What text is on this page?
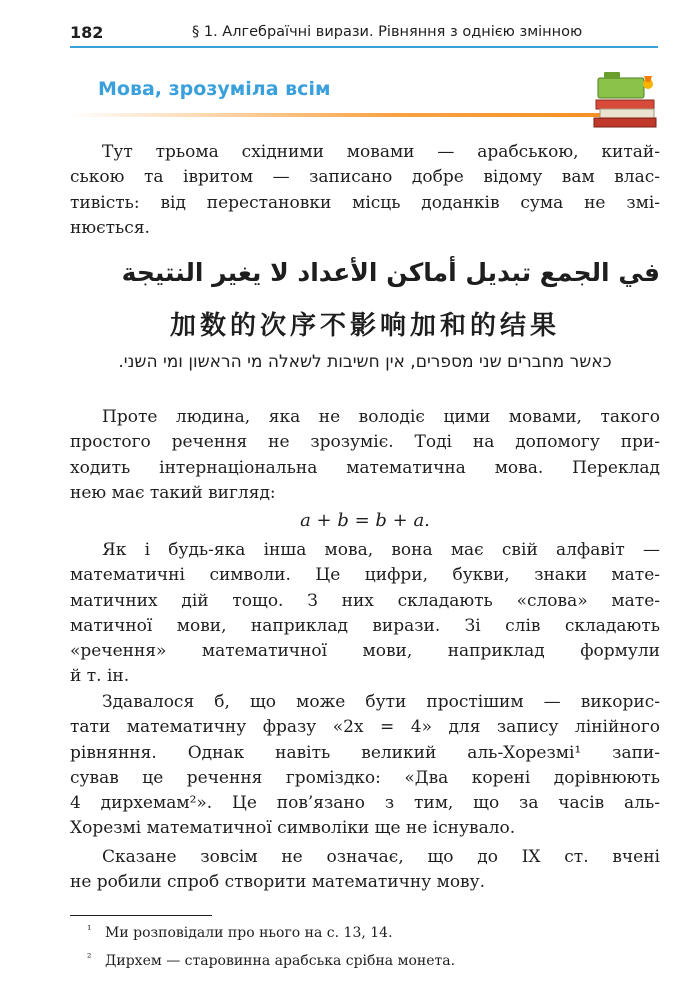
182	§ 1. Алгебраїчні вирази. Рівняння з однією змінною
Мова, зрозуміла всім
Тут трьома східними мовами — арабською, китай-
ською та івритом — записано добре відому вам влас-
тивість: від перестановки місць доданків сума не змі-
нюється.
في الجمع تبديل أماكن الأعداد لا يغير النتيجة
加数的次序不影响加和的结果
כאשר מחברים שני מספרים, אין חשיבות לשאלה מי הראשון ומי השני.
Проте людина, яка не володіє цими мовами, такого
простого речення не зрозуміє. Тоді на допомогу при-
ходить інтернаціональна математична мова. Переклад
нею має такий вигляд:
a + b = b + a.
Як і будь-яка інша мова, вона має свій алфавіт —
математичні символи. Це цифри, букви, знаки мате-
матичних дій тощо. З них складають «слова» мате-
матичної мови, наприклад вирази. Зі слів складають
«речення» математичної мови, наприклад формули
й т. ін.
Здавалося б, що може бути простішим — викорис-
тати математичну фразу «2x = 4» для запису лінійного
рівняння. Однак навіть великий аль-Хорезмі¹ запи-
сував це речення громіздко: «Два корені дорівнюють
4 дирхемам²». Це пов’язано з тим, що за часів аль-
Хорезмі математичної символіки ще не існувало.
Сказане зовсім не означає, що до IX ст. вчені
не робили спроб створити математичну мову.
¹ Ми розповідали про нього на с. 13, 14.
² Дирхем — старовинна арабська срібна монета.
